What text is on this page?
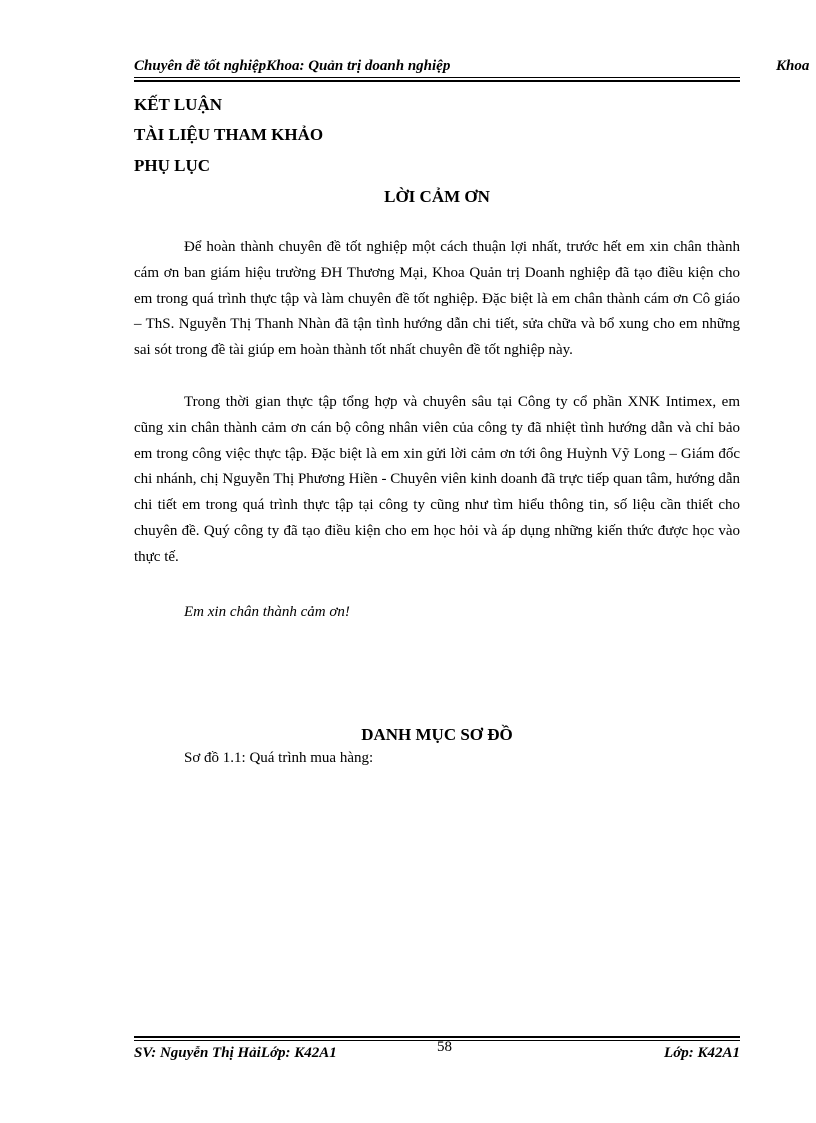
Chuyên đề tốt nghiệpKhoa: Quản trị doanh nghiệp	Khoa
KẾT LUẬN
TÀI LIỆU THAM KHẢO
PHỤ LỤC
LỜI CẢM ƠN

Để hoàn thành chuyên đề tốt nghiệp một cách thuận lợi nhất, trước hết em xin chân thành cám ơn ban giám hiệu trường ĐH Thương Mại, Khoa Quản trị Doanh nghiệp đã tạo điều kiện cho em trong quá trình thực tập và làm chuyên đề tốt nghiệp. Đặc biệt là em chân thành cám ơn Cô giáo – ThS. Nguyễn Thị Thanh Nhàn đã tận tình hướng dẫn chi tiết, sửa chữa và bổ xung cho em những sai sót trong đề tài giúp em hoàn thành tốt nhất chuyên đề tốt nghiệp này.

Trong thời gian thực tập tổng hợp và chuyên sâu tại Công ty cổ phần XNK Intimex, em cũng xin chân thành cảm ơn cán bộ công nhân viên của công ty đã nhiệt tình hướng dẫn và chỉ bảo em trong công việc thực tập. Đặc biệt là em xin gửi lời cảm ơn tới ông Huỳnh Vỹ Long – Giám đốc chi nhánh, chị Nguyễn Thị Phương Hiền - Chuyên viên kinh doanh đã trực tiếp quan tâm, hướng dẫn chi tiết em trong quá trình thực tập tại công ty cũng như tìm hiểu thông tin, số liệu cần thiết cho chuyên đề. Quý công ty đã tạo điều kiện cho em học hỏi và áp dụng những kiến thức được học vào thực tế.

Em xin chân thành cảm ơn!
DANH MỤC SƠ ĐỒ
Sơ đồ 1.1: Quá trình mua hàng:
SV: Nguyễn Thị HảiLớp: K42A1	58	Lớp: K42A1
